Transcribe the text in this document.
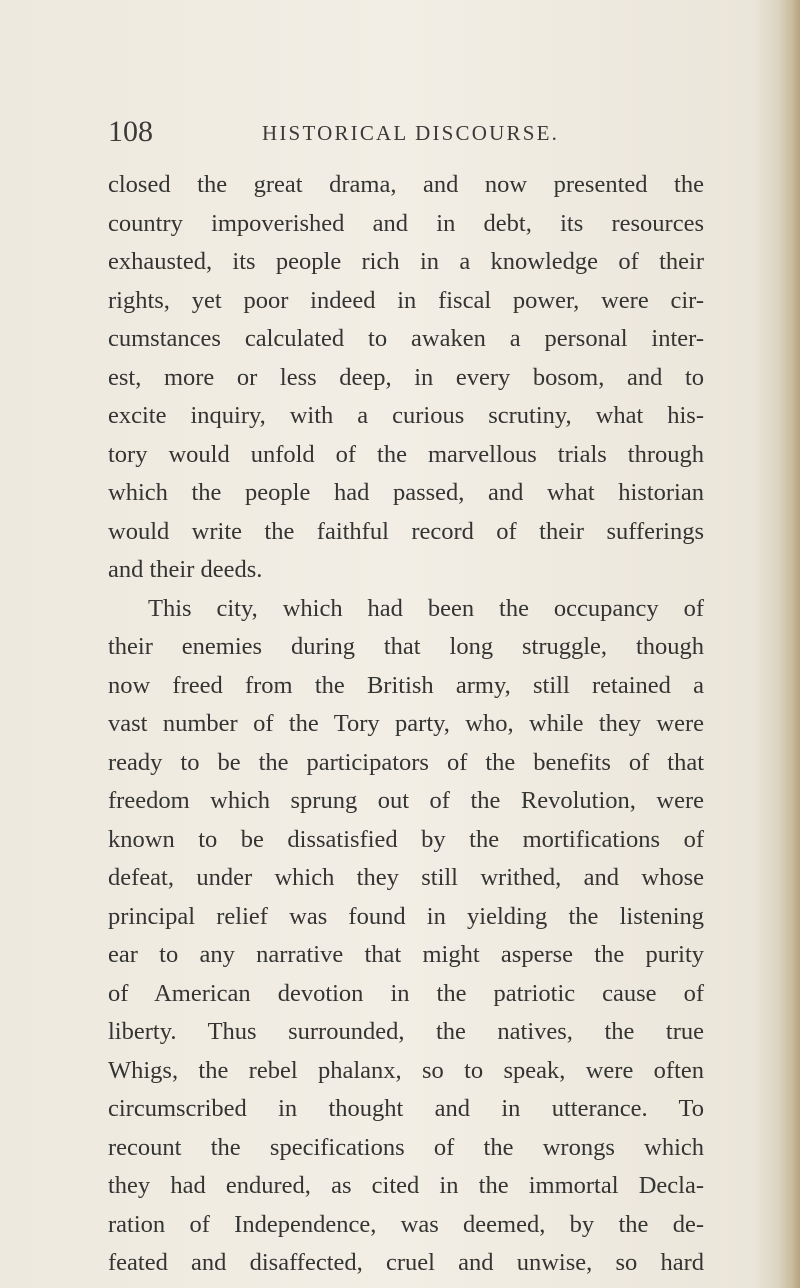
108	HISTORICAL DISCOURSE.
closed the great drama, and now presented the
country impoverished and in debt, its resources
exhausted, its people rich in a knowledge of their
rights, yet poor indeed in fiscal power, were cir-
cumstances calculated to awaken a personal inter-
est, more or less deep, in every bosom, and to
excite inquiry, with a curious scrutiny, what his-
tory would unfold of the marvellous trials through
which the people had passed, and what historian
would write the faithful record of their sufferings
and their deeds.
This city, which had been the occupancy of
their enemies during that long struggle, though
now freed from the British army, still retained a
vast number of the Tory party, who, while they were
ready to be the participators of the benefits of that
freedom which sprung out of the Revolution, were
known to be dissatisfied by the mortifications of
defeat, under which they still writhed, and whose
principal relief was found in yielding the listening
ear to any narrative that might asperse the purity
of American devotion in the patriotic cause of
liberty. Thus surrounded, the natives, the true
Whigs, the rebel phalanx, so to speak, were often
circumscribed in thought and in utterance. To
recount the specifications of the wrongs which
they had endured, as cited in the immortal Decla-
ration of Independence, was deemed, by the de-
feated and disaffected, cruel and unwise, so hard
